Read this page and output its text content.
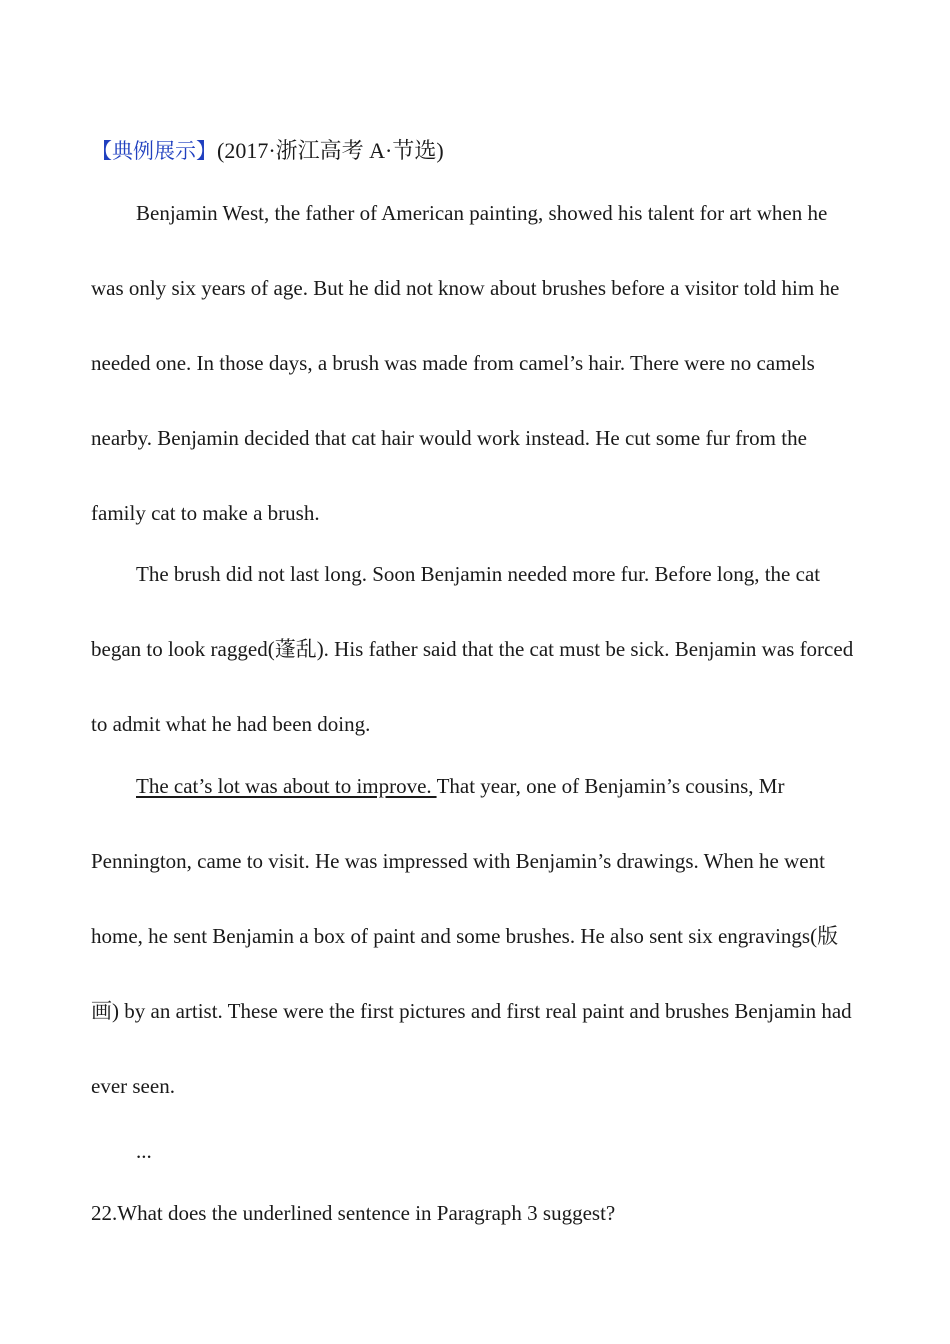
【典例展示】(2017·浙江高考 A·节选)

Benjamin West, the father of American painting, showed his talent for art when he was only six years of age. But he did not know about brushes before a visitor told him he needed one. In those days, a brush was made from camel’s hair. There were no camels nearby. Benjamin decided that cat hair would work instead. He cut some fur from the family cat to make a brush.

The brush did not last long. Soon Benjamin needed more fur. Before long, the cat began to look ragged(蓬乱). His father said that the cat must be sick. Benjamin was forced to admit what he had been doing.

The cat’s lot was about to improve. That year, one of Benjamin’s cousins, Mr Pennington, came to visit. He was impressed with Benjamin’s drawings. When he went home, he sent Benjamin a box of paint and some brushes. He also sent six engravings(版画) by an artist. These were the first pictures and first real paint and brushes Benjamin had ever seen.

...
22.What does the underlined sentence in Paragraph 3 suggest?
